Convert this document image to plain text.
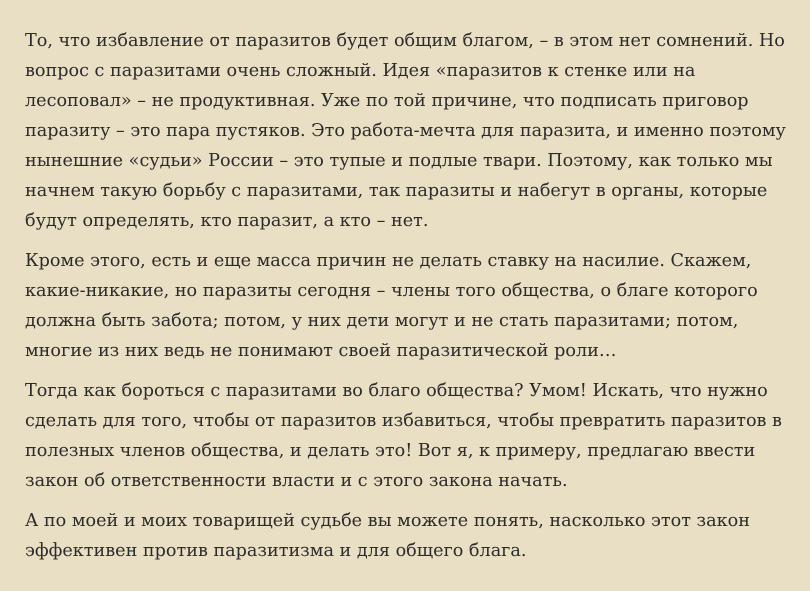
То, что избавление от паразитов будет общим благом, – в этом нет сомнений. Но
вопрос с паразитами очень сложный. Идея «паразитов к стенке или на
лесоповал» – не продуктивная. Уже по той причине, что подписать приговор
паразиту – это пара пустяков. Это работа-мечта для паразита, и именно поэтому
нынешние «судьи» России – это тупые и подлые твари. Поэтому, как только мы
начнем такую борьбу с паразитами, так паразиты и набегут в органы, которые
будут определять, кто паразит, а кто – нет.

Кроме этого, есть и еще масса причин не делать ставку на насилие. Скажем,
какие-никакие, но паразиты сегодня – члены того общества, о благе которого
должна быть забота; потом, у них дети могут и не стать паразитами; потом,
многие из них ведь не понимают своей паразитической роли…

Тогда как бороться с паразитами во благо общества? Умом! Искать, что нужно
сделать для того, чтобы от паразитов избавиться, чтобы превратить паразитов в
полезных членов общества, и делать это! Вот я, к примеру, предлагаю ввести
закон об ответственности власти и с этого закона начать.

А по моей и моих товарищей судьбе вы можете понять, насколько этот закон
эффективен против паразитизма и для общего блага.
